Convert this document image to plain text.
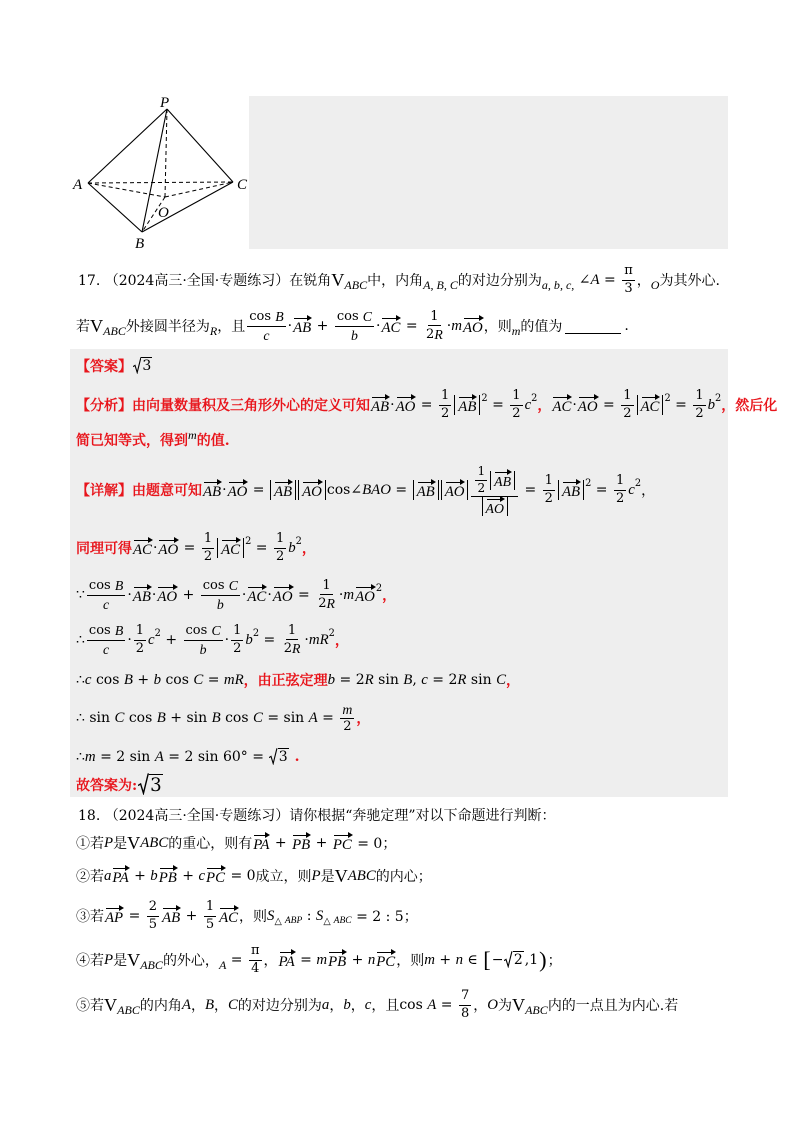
P
A	C
O
B
17. （2024高三·全国·专题练习）在锐角 V ABC 中，内角 A, B, C 的对边分别为 a, b, c, ∠ $A = \frac{\pi}{3}$ ， O 为其外心.
若 V ABC 外接圆半径为 R ，且 $\frac{\text{cos B}}{c}$ · AB + $\frac{\text{cos C}}{b}$ · AC = $\frac{1}{2 R} \cdot m$ AO ，则 m 的值为	.
【答案】 3
【分析】由向量数量积及三角形外心的定义可知 AB · AO = $\frac{1}{2}$ AB
$2 = \frac{1}{2}$ c 2 ， AC · AO = $\frac{1}{2}$ AC
$2 = \frac{1}{2}$ b 2 ，然后化
简已知等式，得到 m 的值.
【详解】由题意可知 AB · AO = AB AO cos∠ BAO = AB AO $\frac{\frac{1}{2} AB}{AO} = \frac{1}{2}$ AB
$2 = \frac{1}{2}$ c 2 ，
同理可得 AC · AO = $\frac{1}{2}$ AC
$2 = \frac{1}{2}$ b 2 ，
∵ $\frac{\text{cos B}}{c}$ · AB · AO + $\frac{\text{cos C}}{b}$ · AC · AO = $\frac{1}{2 R} \cdot m$ AO
2 ，
∴ $\frac{\text{cos B}}{c} \cdot \frac{1}{2}$ c $2 + \frac{\text{cos C}}{b} \cdot \frac{1}{2}$ b $2 = \frac{1}{2 R}$ · mR 2 ，
∴ c cos B + b cos C = mR ，由正弦定理 b = 2 R sin B , c = 2 R sin C ，
∴ sin C cos B + sin B $\cos C = \sin A = \frac{m}{2}$ ，
∴ m = 2 sin A = 2 sin 60° = 3 .
故答案为: 3
18. （2024高三·全国·专题练习）请你根据“奔驰定理”对以下命题进行判断：
①若 P 是 V ABC 的重心，则有 PA + PB + PC = 0；
②若 a PA + b PB + c PC = 0 成立，则 P 是 V ABC 的内心；
③若 AP = $\frac{2}{5}$ AB + $\frac{1}{5}$ AC ，则 S △ ABP : S △ ABC = 2 : 5；
④若 P 是 V ABC 的外心， $A = \frac{\pi}{4}$ ， PA = m PB + n PC ，则 m + n ∈ [ − 2 ,1 ) ；
⑤若 V ABC 的内角 A ， B ， C 的对边分别为 a ， b ， c ，且 $\cos A = \frac{7}{8}$ ， O 为 V ABC 内的一点且为内心.若
